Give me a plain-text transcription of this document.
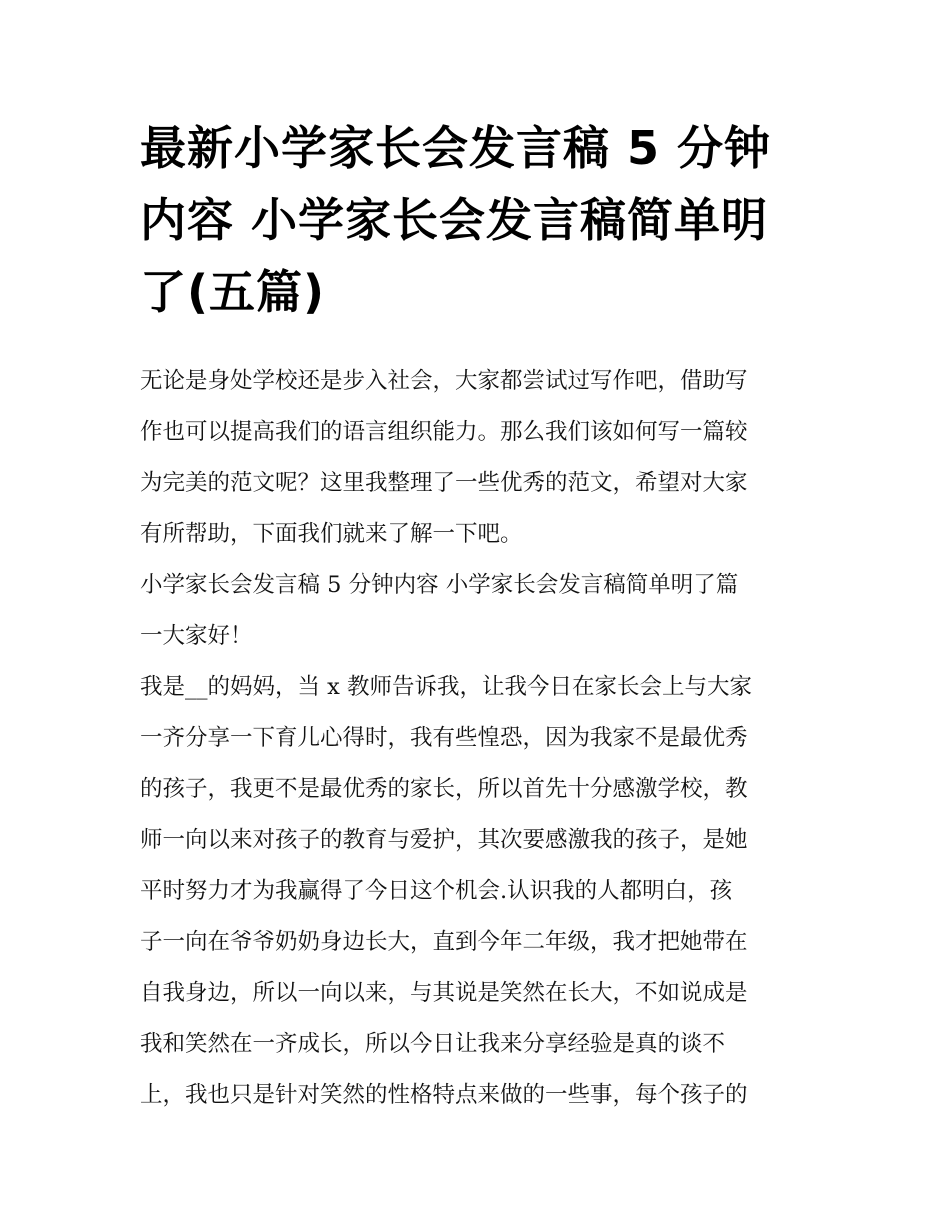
最新小学家长会发言稿 5 分钟
内容 小学家长会发言稿简单明
了(五篇)
无论是身处学校还是步入社会，大家都尝试过写作吧，借助写
作也可以提高我们的语言组织能力。那么我们该如何写一篇较
为完美的范文呢？这里我整理了一些优秀的范文，希望对大家
有所帮助，下面我们就来了解一下吧。
小学家长会发言稿 5 分钟内容 小学家长会发言稿简单明了篇
一大家好！
我是__的妈妈，当 x 教师告诉我，让我今日在家长会上与大家
一齐分享一下育儿心得时，我有些惶恐，因为我家不是最优秀
的孩子，我更不是最优秀的家长，所以首先十分感激学校，教
师一向以来对孩子的教育与爱护，其次要感激我的孩子，是她
平时努力才为我赢得了今日这个机会.认识我的人都明白，孩
子一向在爷爷奶奶身边长大，直到今年二年级，我才把她带在
自我身边，所以一向以来，与其说是笑然在长大，不如说成是
我和笑然在一齐成长，所以今日让我来分享经验是真的谈不
上，我也只是针对笑然的性格特点来做的一些事，每个孩子的
